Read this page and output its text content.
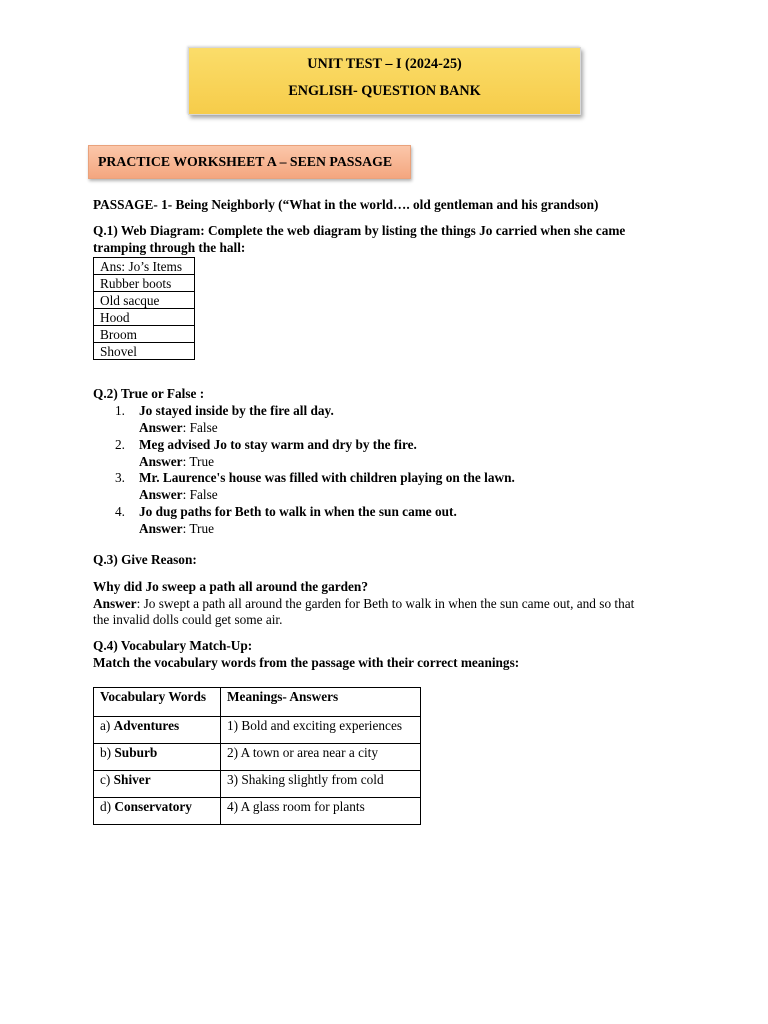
UNIT TEST – I (2024-25)
ENGLISH- QUESTION BANK
PRACTICE WORKSHEET A – SEEN PASSAGE
PASSAGE- 1- Being Neighborly (“What in the world…. old gentleman and his grandson)
Q.1) Web Diagram: Complete the web diagram by listing the things Jo carried when she came
tramping through the hall:
Ans: Jo’s Items
Rubber boots
Old sacque
Hood
Broom
Shovel
Q.2) True or False :
1. Jo stayed inside by the fire all day.
Answer: False
2. Meg advised Jo to stay warm and dry by the fire.
Answer: True
3. Mr. Laurence's house was filled with children playing on the lawn.
Answer: False
4. Jo dug paths for Beth to walk in when the sun came out.
Answer: True
Q.3) Give Reason:
Why did Jo sweep a path all around the garden?
Answer: Jo swept a path all around the garden for Beth to walk in when the sun came out, and so that
the invalid dolls could get some air.
Q.4) Vocabulary Match-Up:
Match the vocabulary words from the passage with their correct meanings:
Vocabulary Words	Meanings- Answers
a) Adventures	1) Bold and exciting experiences
b) Suburb	2) A town or area near a city
c) Shiver	3) Shaking slightly from cold
d) Conservatory	4) A glass room for plants
